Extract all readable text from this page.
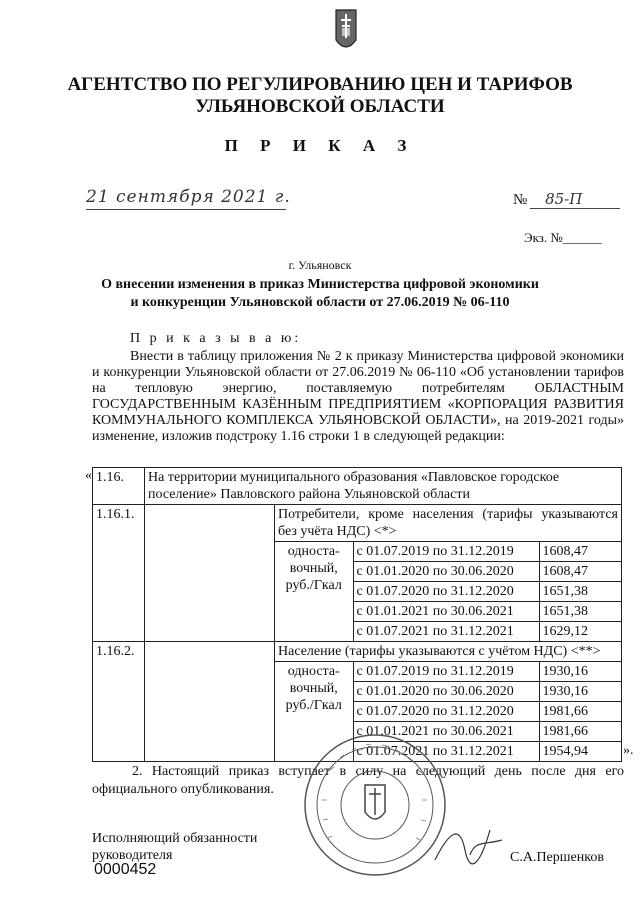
АГЕНТСТВО ПО РЕГУЛИРОВАНИЮ ЦЕН И ТАРИФОВ
УЛЬЯНОВСКОЙ ОБЛАСТИ
П Р И К А З
21 сентября 2021 г.	№ 85-П
Экз. №______
г. Ульяновск
О внесении изменения в приказ Министерства цифровой экономики
и конкуренции Ульяновской области от 27.06.2019 № 06-110
П р и к а з ы в а ю:
Внести в таблицу приложения № 2 к приказу Министерства цифровой экономики и конкуренции Ульяновской области от 27.06.2019 № 06-110 «Об установлении тарифов на тепловую энергию, поставляемую потребителям ОБЛАСТНЫМ ГОСУДАРСТВЕННЫМ КАЗЁННЫМ ПРЕДПРИЯТИЕМ «КОРПОРАЦИЯ РАЗВИТИЯ КОММУНАЛЬНОГО КОМПЛЕКСА УЛЬЯНОВСКОЙ ОБЛАСТИ», на 2019-2021 годы» изменение, изложив подстроку 1.16 строки 1 в следующей редакции:
« 1.16.	На территории муниципального образования «Павловское городское поселение» Павловского района Ульяновской области
1.16.1.			Потребители, кроме населения (тарифы указываются без учёта НДС) <*>
односта-вочный, руб./Гкал	с 01.07.2019 по 31.12.2019	1608,47
с 01.01.2020 по 30.06.2020	1608,47
с 01.07.2020 по 31.12.2020	1651,38
с 01.01.2021 по 30.06.2021	1651,38
с 01.07.2021 по 31.12.2021	1629,12

1.16.2.			Население (тарифы указываются с учётом НДС) <**>
односта-вочный, руб./Гкал	с 01.07.2019 по 31.12.2019	1930,16
с 01.01.2020 по 30.06.2020	1930,16
с 01.07.2020 по 31.12.2020	1981,66
с 01.01.2021 по 30.06.2021	1981,66
с 01.07.2021 по 31.12.2021	1954,94	».
2. Настоящий приказ вступает в силу на следующий день после дня его официального опубликования.
Исполняющий обязанности
руководителя
0000452
С.А.Першенков
